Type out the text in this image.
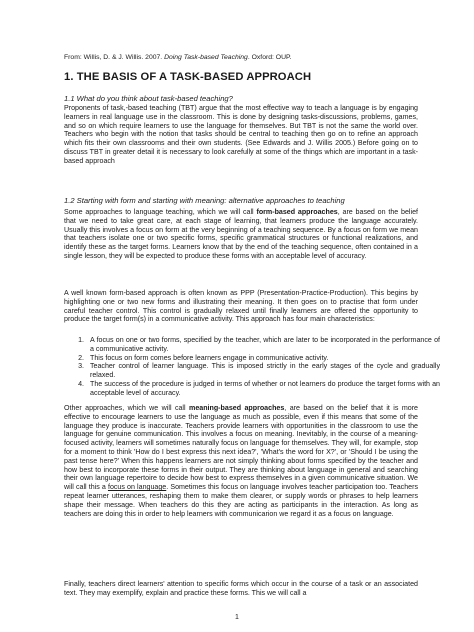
From: Willis, D. & J. Willis. 2007. Doing Task-based Teaching. Oxford: OUP.
1. THE BASIS OF A TASK-BASED APPROACH
1.1 What do you think about task-based teaching?

Proponents of task,-based teaching (TBT) argue that the most effective way to teach a language is by engaging learners in real language use in the classroom. This is done by designing tasks-discussions, problems, games, and so on which require learners to use the language for themselves. But TBT is not the same the world over. Teachers who begin with the notion that tasks should be central to teaching then go on to refine an approach which fits their own classrooms and their own students. (See Edwards and J. Willis 2005.) Before going on to discuss TBT in greater detail it is necessary to look carefully at some of the things which are important in a task-based approach

1.2 Starting with form and starting with meaning: alternative approaches to teaching

Some approaches to language teaching, which we will call form-based approaches, are based on the belief that we need to take great care, at each stage of learning, that learners produce the language accurately. Usually this involves a focus on form at the very beginning of a teaching sequence. By a focus on form we mean that teachers isolate one or two specific forms, specific grammatical structures or functional realizations, and identify these as the target forms. Learners know that by the end of the teaching sequence, often contained in a single lesson, they will be expected to produce these forms with an acceptable level of accuracy.

A well known form-based approach is often known as PPP (Presentation-Practice-Production). This begins by highlighting one or two new forms and illustrating their meaning. It then goes on to practise that form under careful teacher control. This control is gradually relaxed until finally learners are offered the opportunity to produce the target form(s) in a communicative activity. This approach has four main characteristics:

1. A focus on one or two forms, specified by the teacher, which are later to be incorporated in the performance of a communicative activity.
2. This focus on form comes before learners engage in communicative activity.
3. Teacher control of learner language. This is imposed strictly in the early stages of the cycle and gradually relaxed.
4. The success of the procedure is judged in terms of whether or not learners do produce the target forms with an acceptable level of accuracy.

Other approaches, which we will call meaning-based approaches, are based on the belief that it is more effective to encourage learners to use the language as much as possible, even if this means that some of the language they produce is inaccurate. Teachers provide learners with opportunities in the classroom to use the language for genuine communication. This involves a focus on meaning. Inevitably, in the course of a meaning-focused activity, learners will sometimes naturally focus on language for themselves. They will, for example, stop for a moment to think 'How do I best express this next idea?', 'What's the word for X?', or 'Should I be using the past tense here?' When this happens learners are not simply thinking about forms specified by the teacher and how best to incorporate these forms in their output. They are thinking about language in general and searching their own language repertoire to decide how best to express themselves in a given communicative situation. We will call this a focus on language. Sometimes this focus on language involves teacher participation too. Teachers repeat learner utterances, reshaping them to make them clearer, or supply words or phrases to help learners shape their message. When teachers do this they are acting as participants in the interaction. As long as teachers are doing this in order to help learners with communicarion we regard it as a focus on language.

Finally, teachers direct learners' attention to specific forms which occur in the course of a task or an associated text. They may exemplify, explain and practice these forms. This we will call a

1
